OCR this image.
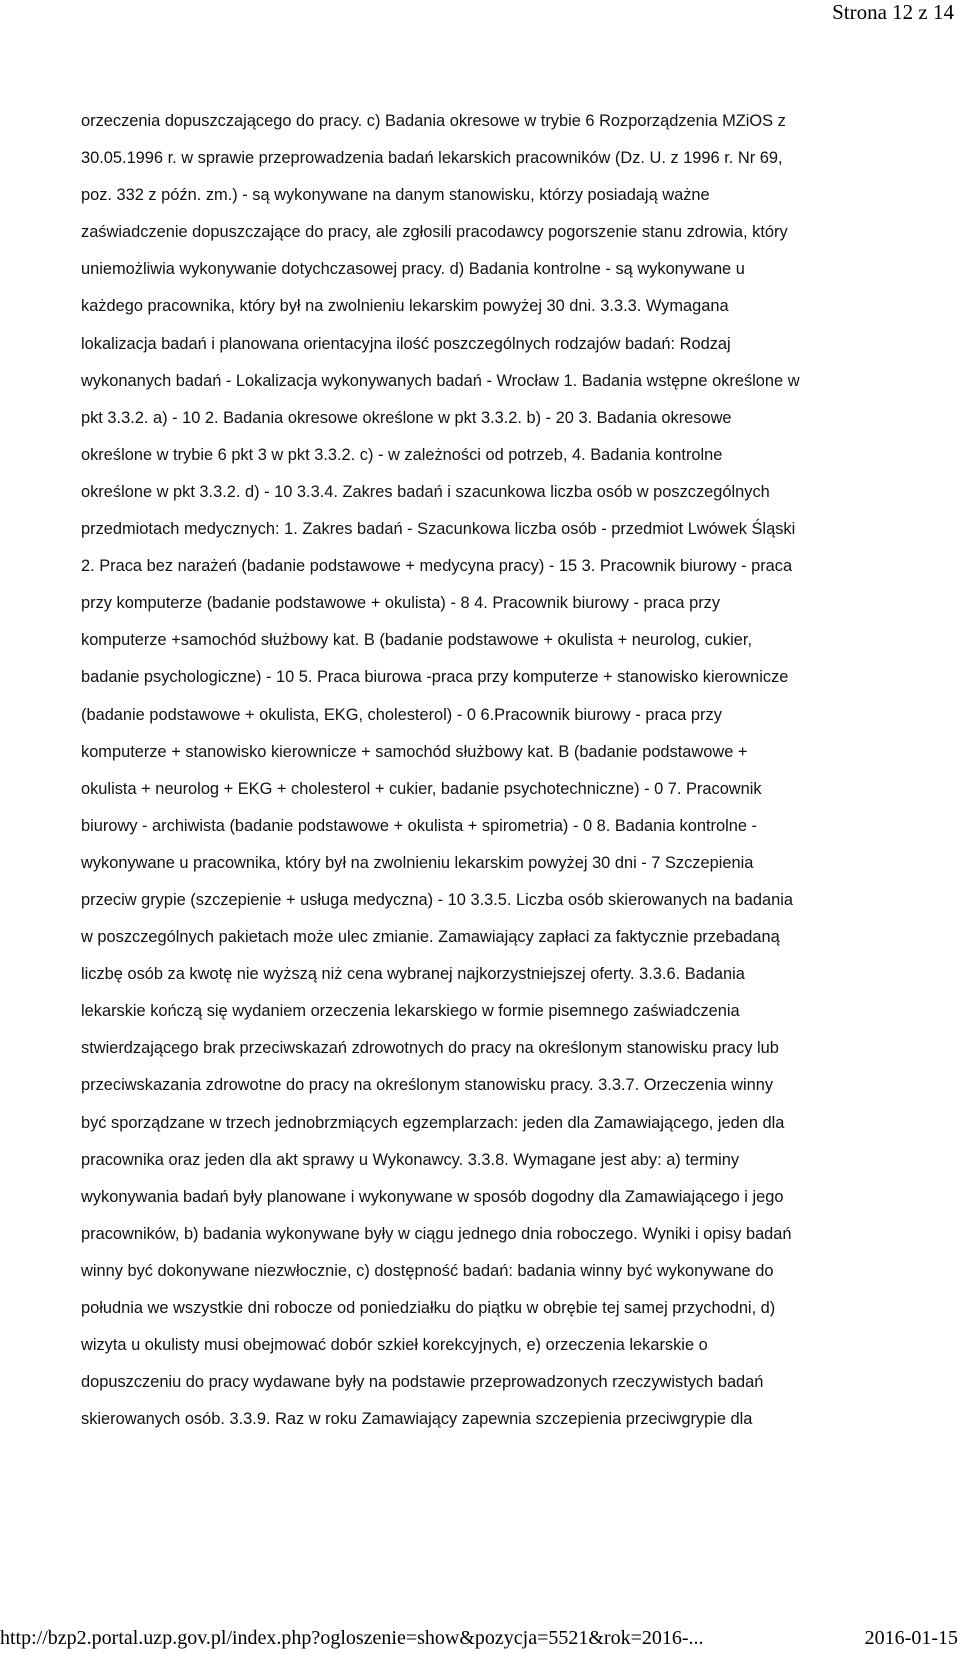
Strona 12 z 14
orzeczenia dopuszczającego do pracy. c) Badania okresowe w trybie 6 Rozporządzenia MZiOS z
30.05.1996 r. w sprawie przeprowadzenia badań lekarskich pracowników (Dz. U. z 1996 r. Nr 69,
poz. 332 z późn. zm.) - są wykonywane na danym stanowisku, którzy posiadają ważne
zaświadczenie dopuszczające do pracy, ale zgłosili pracodawcy pogorszenie stanu zdrowia, który
uniemożliwia wykonywanie dotychczasowej pracy. d) Badania kontrolne - są wykonywane u
każdego pracownika, który był na zwolnieniu lekarskim powyżej 30 dni. 3.3.3. Wymagana
lokalizacja badań i planowana orientacyjna ilość poszczególnych rodzajów badań: Rodzaj
wykonanych badań - Lokalizacja wykonywanych badań - Wrocław 1. Badania wstępne określone w
pkt 3.3.2. a) - 10 2. Badania okresowe określone w pkt 3.3.2. b) - 20 3. Badania okresowe
określone w trybie 6 pkt 3 w pkt 3.3.2. c) - w zależności od potrzeb, 4. Badania kontrolne
określone w pkt 3.3.2. d) - 10 3.3.4. Zakres badań i szacunkowa liczba osób w poszczególnych
przedmiotach medycznych: 1. Zakres badań - Szacunkowa liczba osób - przedmiot Lwówek Śląski
2. Praca bez narażeń (badanie podstawowe + medycyna pracy) - 15 3. Pracownik biurowy - praca
przy komputerze (badanie podstawowe + okulista) - 8 4. Pracownik biurowy - praca przy
komputerze +samochód służbowy kat. B (badanie podstawowe + okulista + neurolog, cukier,
badanie psychologiczne) - 10 5. Praca biurowa -praca przy komputerze + stanowisko kierownicze
(badanie podstawowe + okulista, EKG, cholesterol) - 0 6.Pracownik biurowy - praca przy
komputerze + stanowisko kierownicze + samochód służbowy kat. B (badanie podstawowe +
okulista + neurolog + EKG + cholesterol + cukier, badanie psychotechniczne) - 0 7. Pracownik
biurowy - archiwista (badanie podstawowe + okulista + spirometria) - 0 8. Badania kontrolne -
wykonywane u pracownika, który był na zwolnieniu lekarskim powyżej 30 dni - 7 Szczepienia
przeciw grypie (szczepienie + usługa medyczna) - 10 3.3.5. Liczba osób skierowanych na badania
w poszczególnych pakietach może ulec zmianie. Zamawiający zapłaci za faktycznie przebadaną
liczbę osób za kwotę nie wyższą niż cena wybranej najkorzystniejszej oferty. 3.3.6. Badania
lekarskie kończą się wydaniem orzeczenia lekarskiego w formie pisemnego zaświadczenia
stwierdzającego brak przeciwskazań zdrowotnych do pracy na określonym stanowisku pracy lub
przeciwskazania zdrowotne do pracy na określonym stanowisku pracy. 3.3.7. Orzeczenia winny
być sporządzane w trzech jednobrzmiących egzemplarzach: jeden dla Zamawiającego, jeden dla
pracownika oraz jeden dla akt sprawy u Wykonawcy. 3.3.8. Wymagane jest aby: a) terminy
wykonywania badań były planowane i wykonywane w sposób dogodny dla Zamawiającego i jego
pracowników, b) badania wykonywane były w ciągu jednego dnia roboczego. Wyniki i opisy badań
winny być dokonywane niezwłocznie, c) dostępność badań: badania winny być wykonywane do
południa we wszystkie dni robocze od poniedziałku do piątku w obrębie tej samej przychodni, d)
wizyta u okulisty musi obejmować dobór szkieł korekcyjnych, e) orzeczenia lekarskie o
dopuszczeniu do pracy wydawane były na podstawie przeprowadzonych rzeczywistych badań
skierowanych osób. 3.3.9. Raz w roku Zamawiający zapewnia szczepienia przeciwgrypie dla
http://bzp2.portal.uzp.gov.pl/index.php?ogloszenie=show&pozycja=5521&rok=2016-...	2016-01-15
